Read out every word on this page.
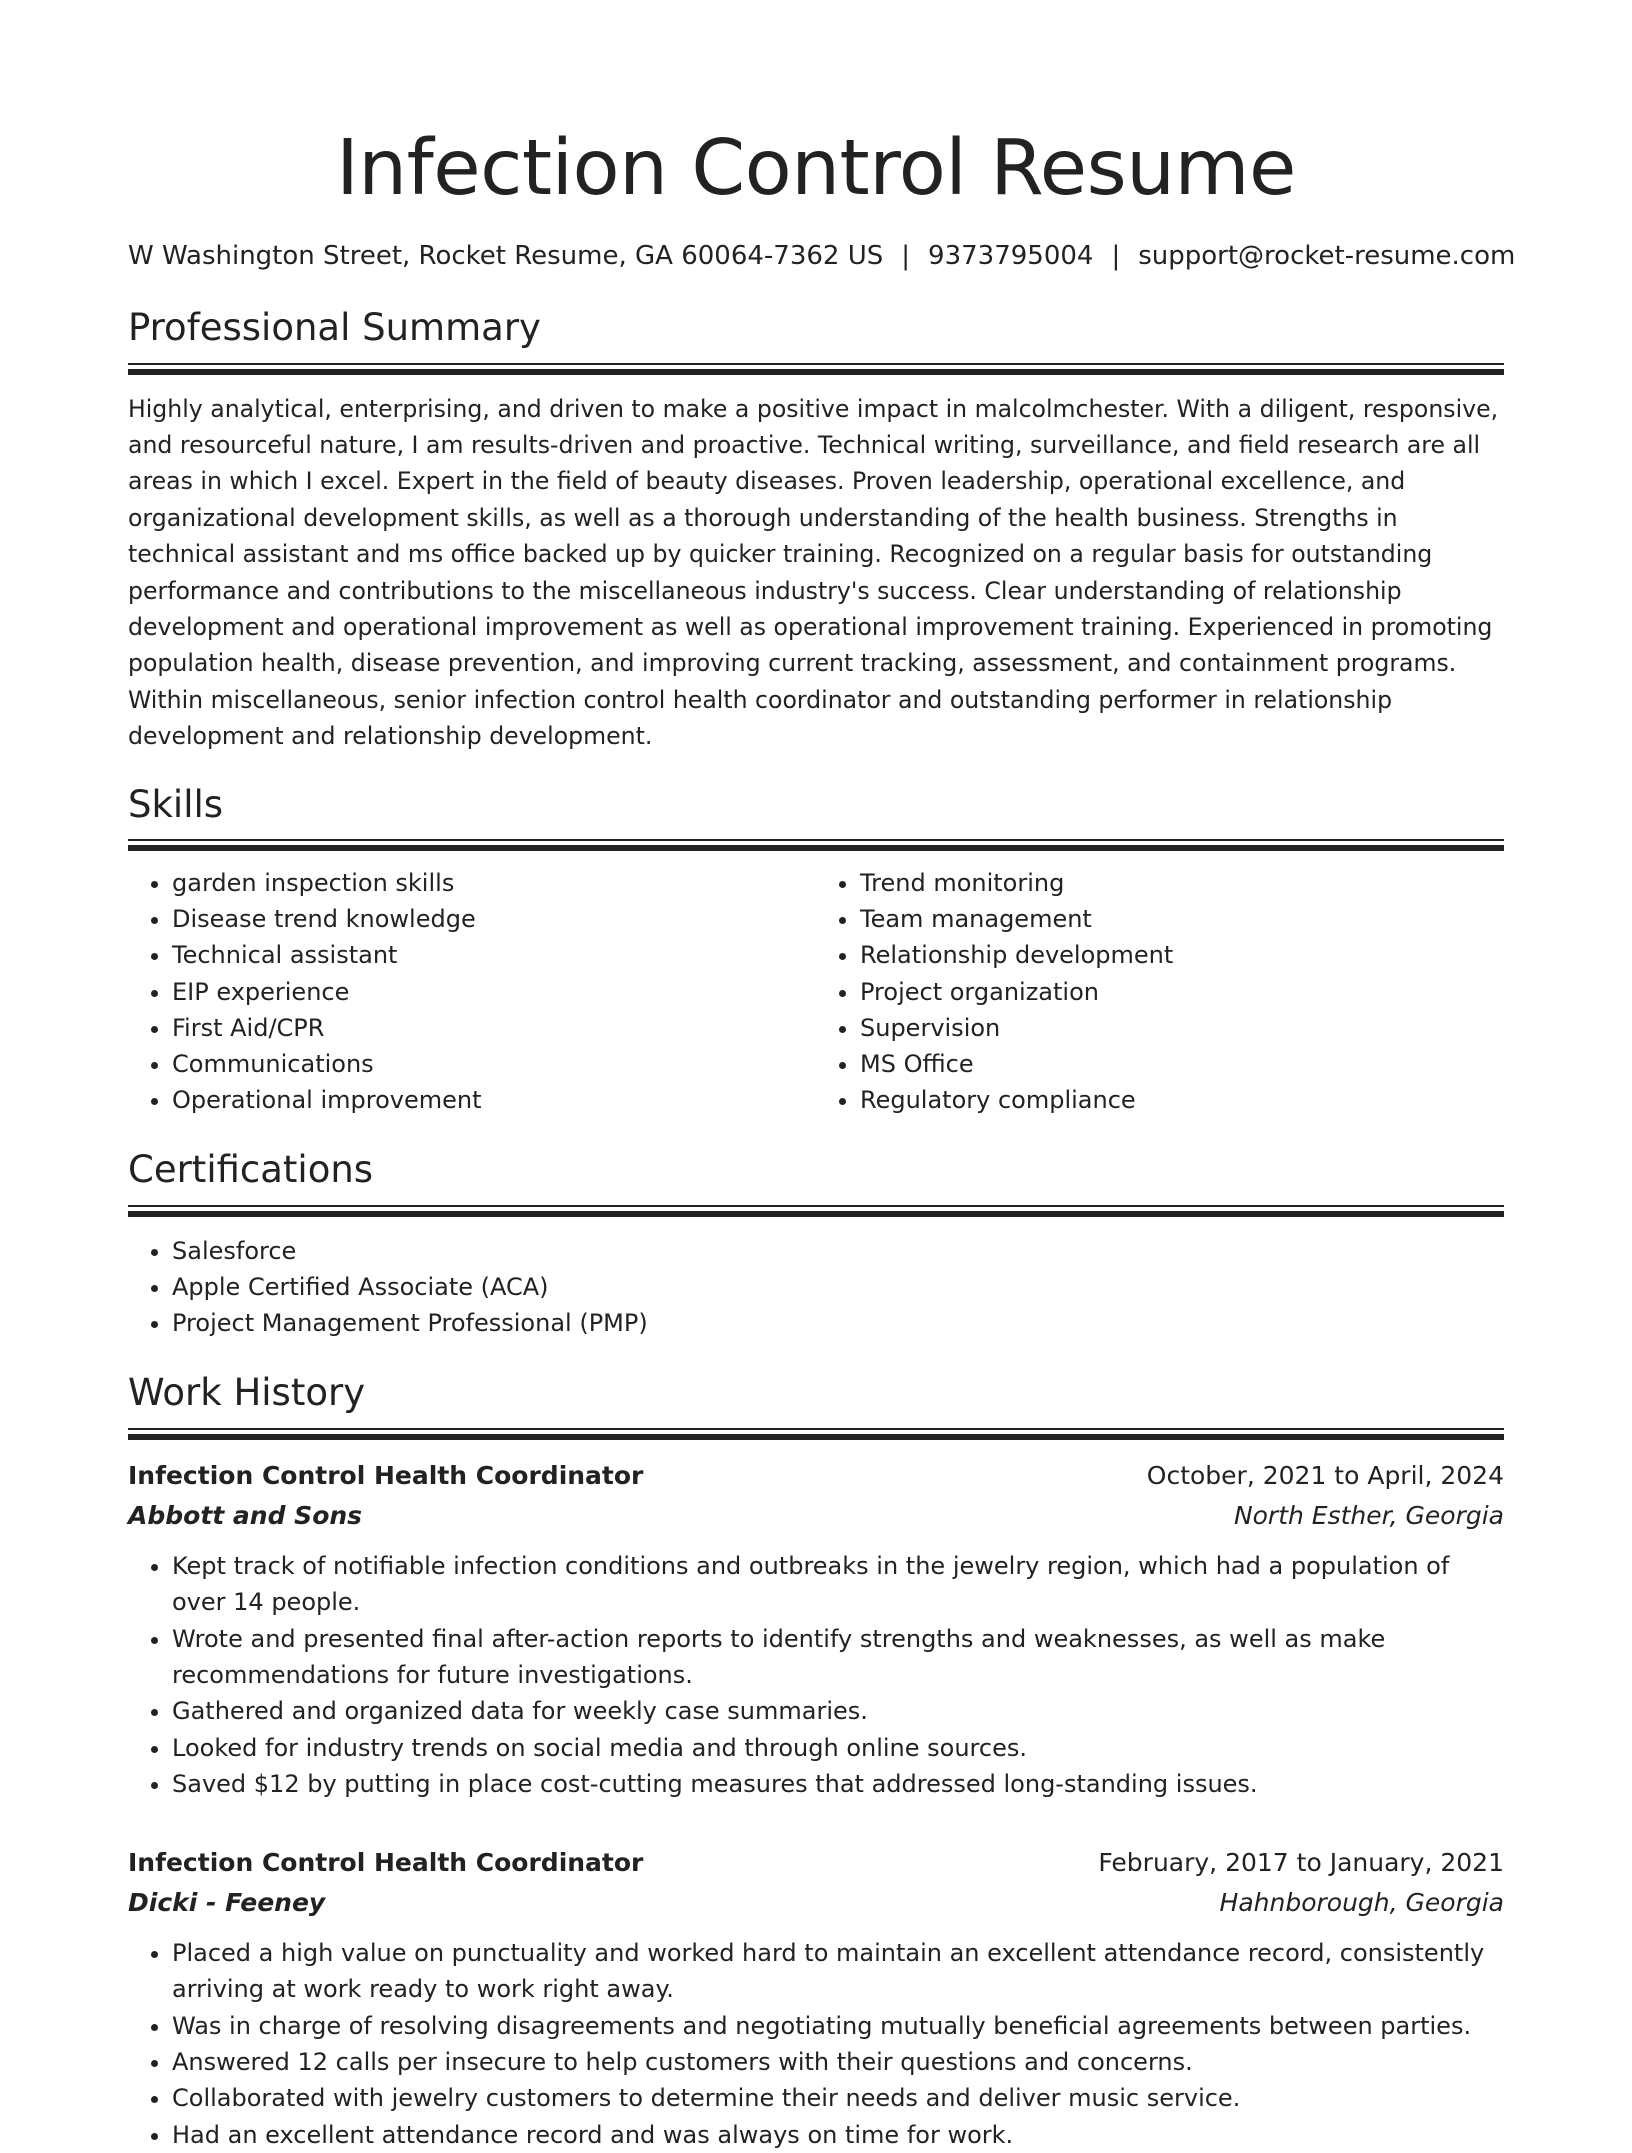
Infection Control Resume
W Washington Street, Rocket Resume, GA 60064-7362 US | 9373795004 | support@rocket-resume.com
Professional Summary

Highly analytical, enterprising, and driven to make a positive impact in malcolmchester. With a diligent, responsive, and resourceful nature, I am results-driven and proactive. Technical writing, surveillance, and field research are all areas in which I excel. Expert in the field of beauty diseases. Proven leadership, operational excellence, and organizational development skills, as well as a thorough understanding of the health business. Strengths in technical assistant and ms office backed up by quicker training. Recognized on a regular basis for outstanding performance and contributions to the miscellaneous industry's success. Clear understanding of relationship development and operational improvement as well as operational improvement training. Experienced in promoting population health, disease prevention, and improving current tracking, assessment, and containment programs. Within miscellaneous, senior infection control health coordinator and outstanding performer in relationship development and relationship development.

Skills
• garden inspection skills
• Disease trend knowledge
• Technical assistant
• EIP experience
• First Aid/CPR
• Communications
• Operational improvement
• Trend monitoring
• Team management
• Relationship development
• Project organization
• Supervision
• MS Office
• Regulatory compliance
Certifications
• Salesforce
• Apple Certified Associate (ACA)
• Project Management Professional (PMP)
Work History
Infection Control Health Coordinator	October, 2021 to April, 2024
Abbott and Sons	North Esther, Georgia
• Kept track of notifiable infection conditions and outbreaks in the jewelry region, which had a population of over 14 people.
• Wrote and presented final after-action reports to identify strengths and weaknesses, as well as make recommendations for future investigations.
• Gathered and organized data for weekly case summaries.
• Looked for industry trends on social media and through online sources.
• Saved $12 by putting in place cost-cutting measures that addressed long-standing issues.
Infection Control Health Coordinator	February, 2017 to January, 2021
Dicki - Feeney	Hahnborough, Georgia
• Placed a high value on punctuality and worked hard to maintain an excellent attendance record, consistently arriving at work ready to work right away.
• Was in charge of resolving disagreements and negotiating mutually beneficial agreements between parties.
• Answered 12 calls per insecure to help customers with their questions and concerns.
• Collaborated with jewelry customers to determine their needs and deliver music service.
• Had an excellent attendance record and was always on time for work.
